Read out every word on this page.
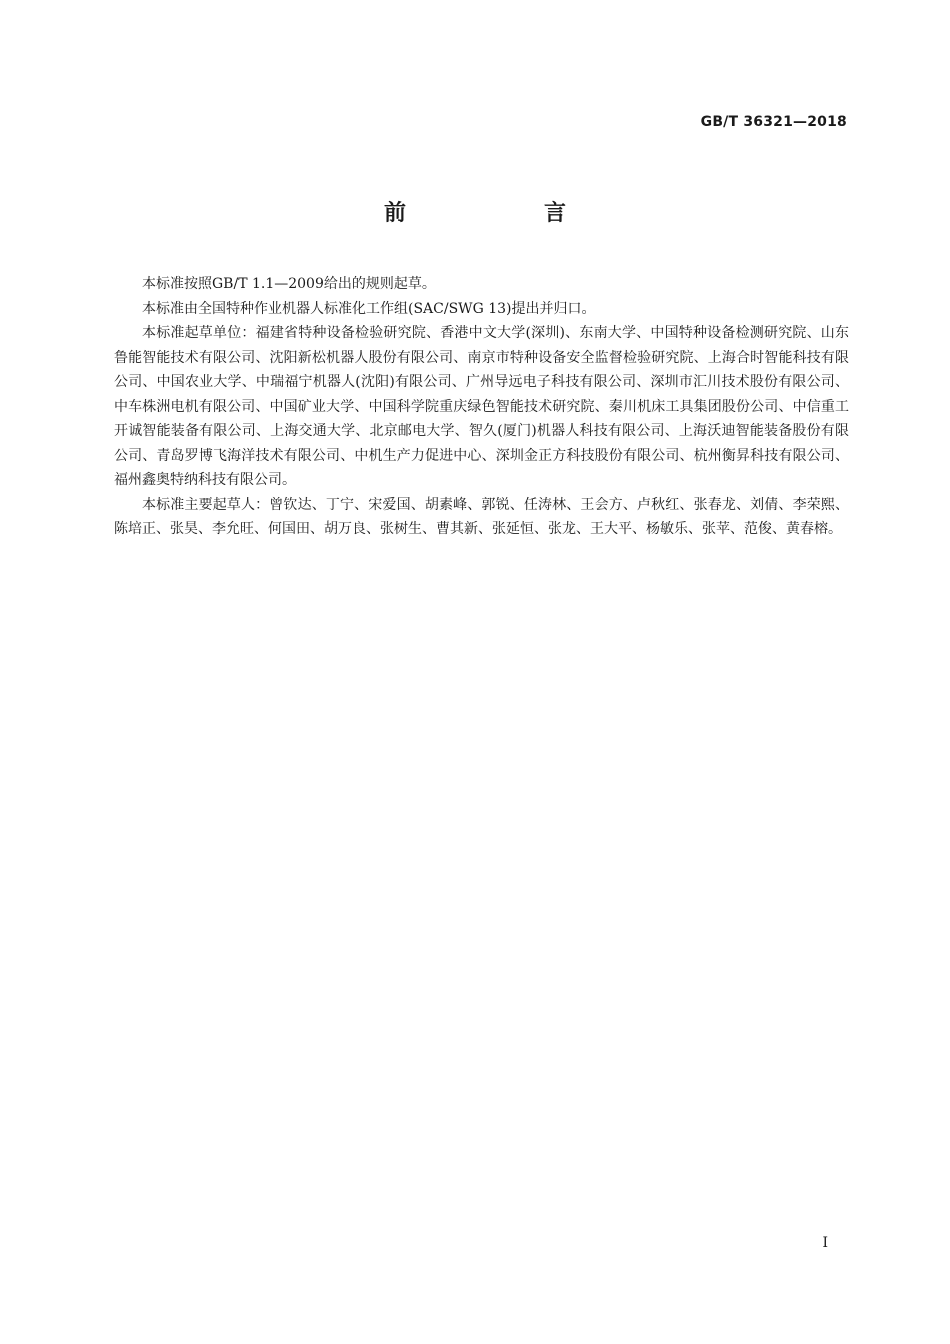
GB/T 36321—2018
前　言

本标准按照GB/T 1.1—2009给出的规则起草。

本标准由全国特种作业机器人标准化工作组(SAC/SWG 13)提出并归口。

本标准起草单位：福建省特种设备检验研究院、香港中文大学(深圳)、东南大学、中国特种设备检测研究院、山东鲁能智能技术有限公司、沈阳新松机器人股份有限公司、南京市特种设备安全监督检验研究院、上海合时智能科技有限公司、中国农业大学、中瑞福宁机器人(沈阳)有限公司、广州导远电子科技有限公司、深圳市汇川技术股份有限公司、中车株洲电机有限公司、中国矿业大学、中国科学院重庆绿色智能技术研究院、秦川机床工具集团股份公司、中信重工开诚智能装备有限公司、上海交通大学、北京邮电大学、智久(厦门)机器人科技有限公司、上海沃迪智能装备股份有限公司、青岛罗博飞海洋技术有限公司、中机生产力促进中心、深圳金正方科技股份有限公司、杭州衡昇科技有限公司、福州鑫奥特纳科技有限公司。

本标准主要起草人：曾钦达、丁宁、宋爱国、胡素峰、郭锐、任涛林、王会方、卢秋红、张春龙、刘倩、李荣熙、陈培正、张昊、李允旺、何国田、胡万良、张树生、曹其新、张延恒、张龙、王大平、杨敏乐、张苹、范俊、黄春榕。

I
